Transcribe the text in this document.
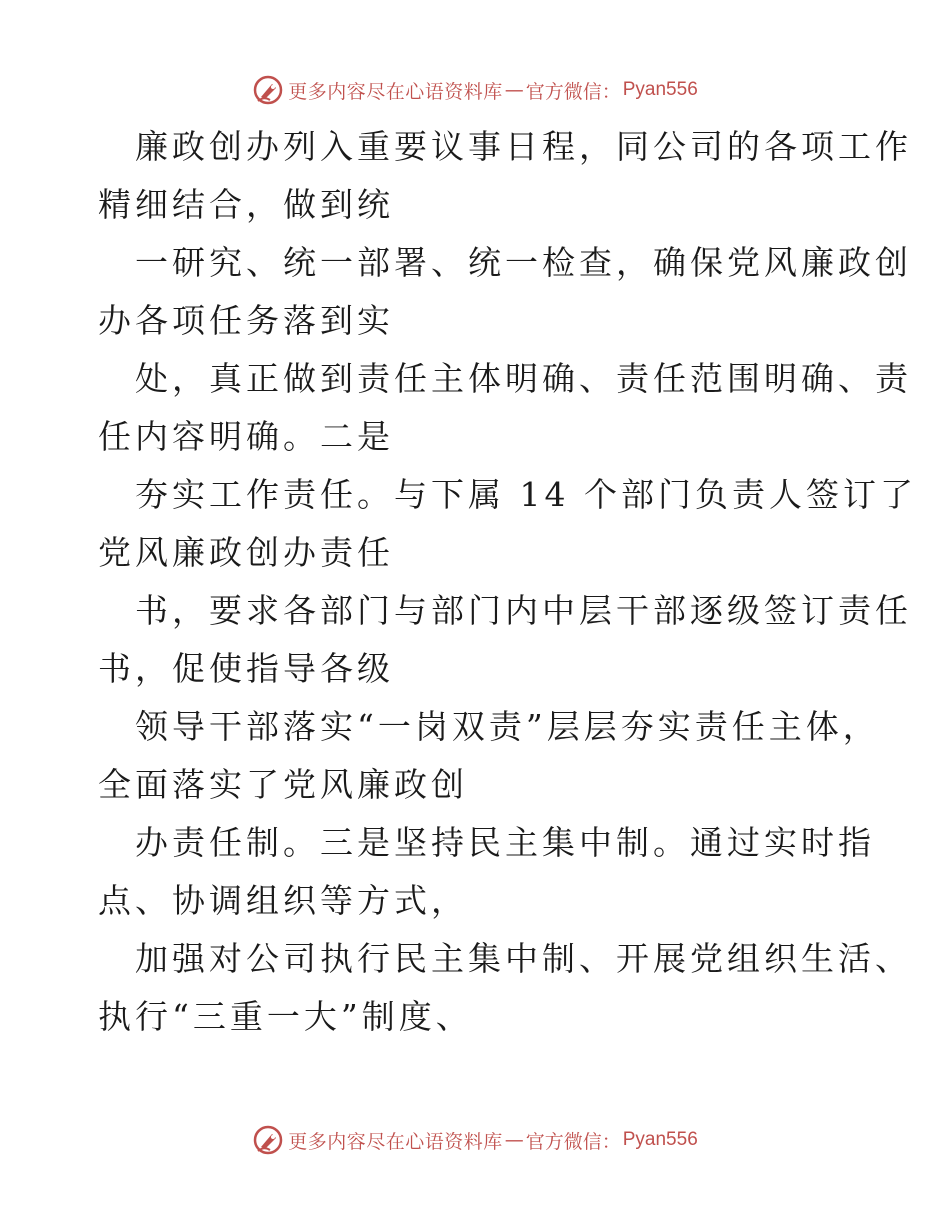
更多内容尽在心语资料库 — 官方微信： Pyan556
廉政创办列入重要议事日程，同公司的各项工作
精细结合，做到统
一研究、统一部署、统一检查，确保党风廉政创
办各项任务落到实
处，真正做到责任主体明确、责任范围明确、责
任内容明确。二是
夯实工作责任。与下属 14 个部门负责人签订了
党风廉政创办责任
书，要求各部门与部门内中层干部逐级签订责任
书，促使指导各级
领导干部落实“一岗双责”层层夯实责任主体，
全面落实了党风廉政创
办责任制。三是坚持民主集中制。通过实时指
点、协调组织等方式，
加强对公司执行民主集中制、开展党组织生活、
执行“三重一大”制度、
更多内容尽在心语资料库 — 官方微信： Pyan556
